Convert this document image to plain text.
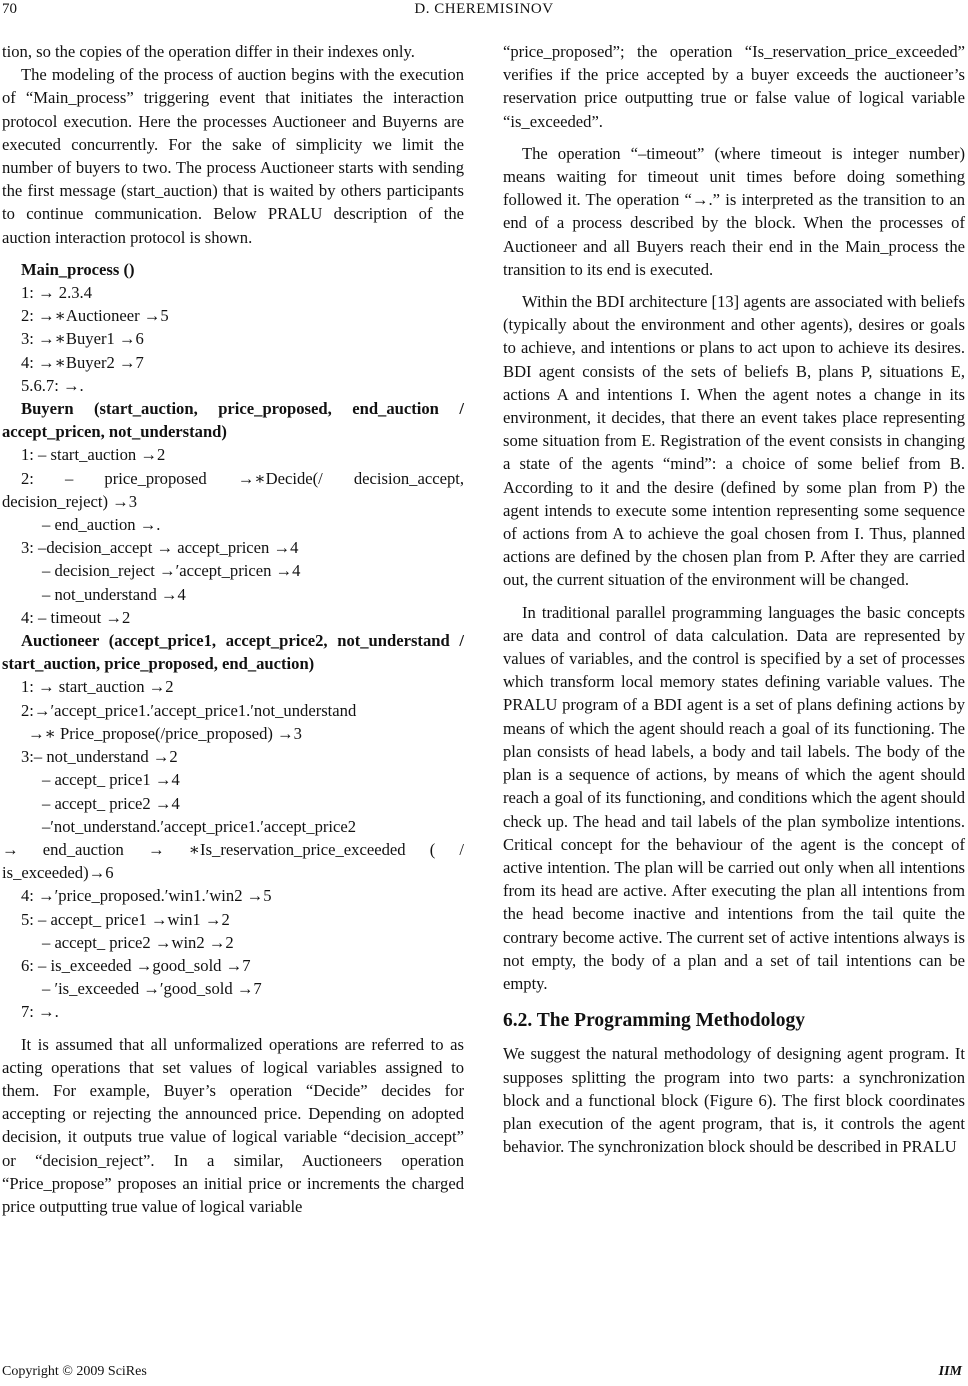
70	D. CHEREMISINOV

tion, so the copies of the operation differ in their indexes only.

The modeling of the process of auction begins with the execution of “Main_process” triggering event that initiates the interaction protocol execution. Here the processes Auctioneer and Buyerns are executed concurrently. For the sake of simplicity we limit the number of buyers to two. The process Auctioneer starts with sending the first message (start_auction) that is waited by others participants to continue communication. Below PRALU description of the auction interaction protocol is shown.

Main_process ()
1: → 2.3.4
2: →∗Auctioneer →5
3: →∗Buyer1 →6
4: →∗Buyer2 →7
5.6.7: →.
Buyern (start_auction, price_proposed, end_auction / accept_pricen, not_understand)
1: – start_auction →2
2: – price_proposed →∗Decide(/ decision_accept, decision_reject) →3
– end_auction →.
3: –decision_accept → accept_pricen →4
– decision_reject →′accept_pricen →4
– not_understand →4
4: – timeout →2
Auctioneer (accept_price1, accept_price2, not_understand / start_auction, price_proposed, end_auction)
1: → start_auction →2
2:→′accept_price1.′accept_price1.′not_understand
→∗ Price_propose(/price_proposed) →3
3:– not_understand →2
– accept_ price1 →4
– accept_ price2 →4
–′not_understand.′accept_price1.′accept_price2
→ end_auction → ∗Is_reservation_price_exceeded ( / is_exceeded)→6
4: →′price_proposed.′win1.′win2 →5
5: – accept_ price1 →win1 →2
– accept_ price2 →win2 →2
6: – is_exceeded →good_sold →7
– ′is_exceeded →′good_sold →7
7: →.

It is assumed that all unformalized operations are referred to as acting operations that set values of logical variables assigned to them. For example, Buyer’s operation “Decide” decides for accepting or rejecting the announced price. Depending on adopted decision, it outputs true value of logical variable “decision_accept” or “decision_reject”. In a similar, Auctioneers operation “Price_propose” proposes an initial price or increments the charged price outputting true value of logical variable

“price_proposed”; the operation “Is_reservation_price_exceeded” verifies if the price accepted by a buyer exceeds the auctioneer’s reservation price outputting true or false value of logical variable “is_exceeded”.

The operation “–timeout” (where timeout is integer number) means waiting for timeout unit times before doing something followed it. The operation “→.” is interpreted as the transition to an end of a process described by the block. When the processes of Auctioneer and all Buyers reach their end in the Main_process the transition to its end is executed.

Within the BDI architecture [13] agents are associated with beliefs (typically about the environment and other agents), desires or goals to achieve, and intentions or plans to act upon to achieve its desires. BDI agent consists of the sets of beliefs B, plans P, situations E, actions A and intentions I. When the agent notes a change in its environment, it decides, that there an event takes place representing some situation from E. Registration of the event consists in changing a state of the agents “mind”: a choice of some belief from B. According to it and the desire (defined by some plan from P) the agent intends to execute some intention representing some sequence of actions from A to achieve the goal chosen from I. Thus, planned actions are defined by the chosen plan from P. After they are carried out, the current situation of the environment will be changed.

In traditional parallel programming languages the basic concepts are data and control of data calculation. Data are represented by values of variables, and the control is specified by a set of processes which transform local memory states defining variable values. The PRALU program of a BDI agent is a set of plans defining actions by means of which the agent should reach a goal of its functioning. The plan consists of head labels, a body and tail labels. The body of the plan is a sequence of actions, by means of which the agent should reach a goal of its functioning, and conditions which the agent should check up. The head and tail labels of the plan symbolize intentions. Critical concept for the behaviour of the agent is the concept of active intention. The plan will be carried out only when all intentions from its head are active. After executing the plan all intentions from the head become inactive and intentions from the tail quite the contrary become active. The current set of active intentions always is not empty, the body of a plan and a set of tail intentions can be empty.

6.2. The Programming Methodology

We suggest the natural methodology of designing agent program. It supposes splitting the program into two parts: a synchronization block and a functional block (Figure 6). The first block coordinates plan execution of the agent program, that is, it controls the agent behavior. The synchronization block should be described in PRALU

Copyright © 2009 SciRes	IIM
